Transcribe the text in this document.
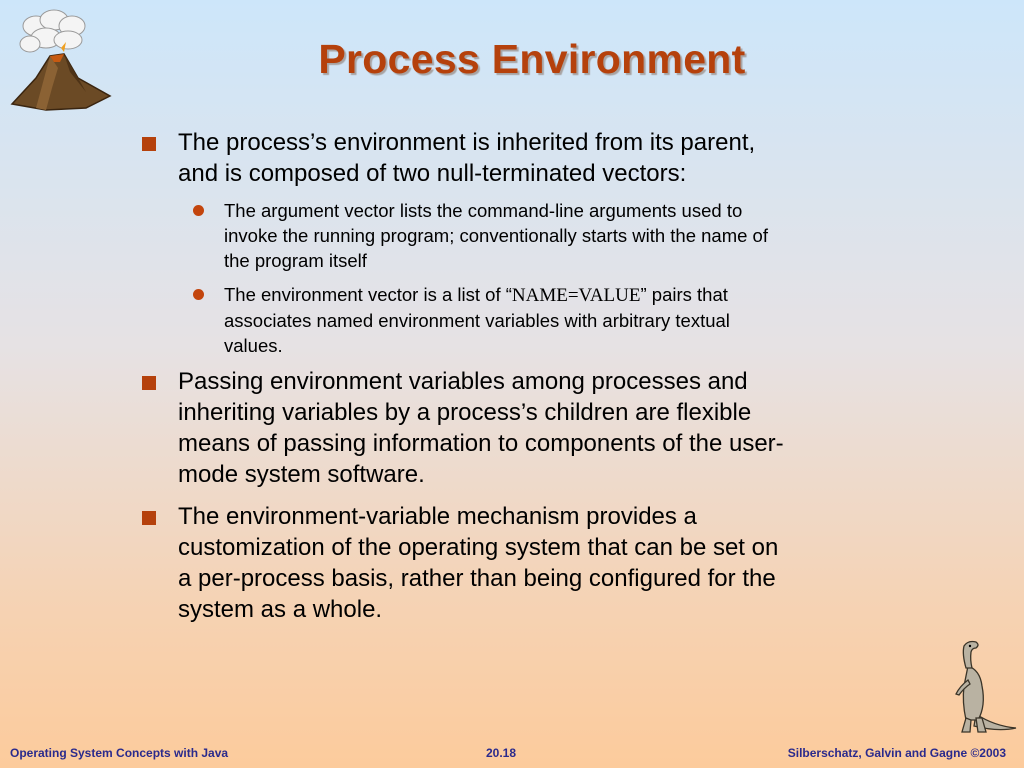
Process Environment
The process’s environment is inherited from its parent,
and is composed of two null-terminated vectors:
The argument vector lists the command-line arguments used to
invoke the running program; conventionally starts with the name of
the program itself
The environment vector is a list of “NAME=VALUE” pairs that
associates named environment variables with arbitrary textual
values.
Passing environment variables among processes and
inheriting variables by a process’s children are flexible
means of passing information to components of the user-
mode system software.
The environment-variable mechanism provides a
customization of the operating system that can be set on
a per-process basis, rather than being configured for the
system as a whole.
Operating System Concepts with Java	20.18	Silberschatz, Galvin and Gagne ©2003
